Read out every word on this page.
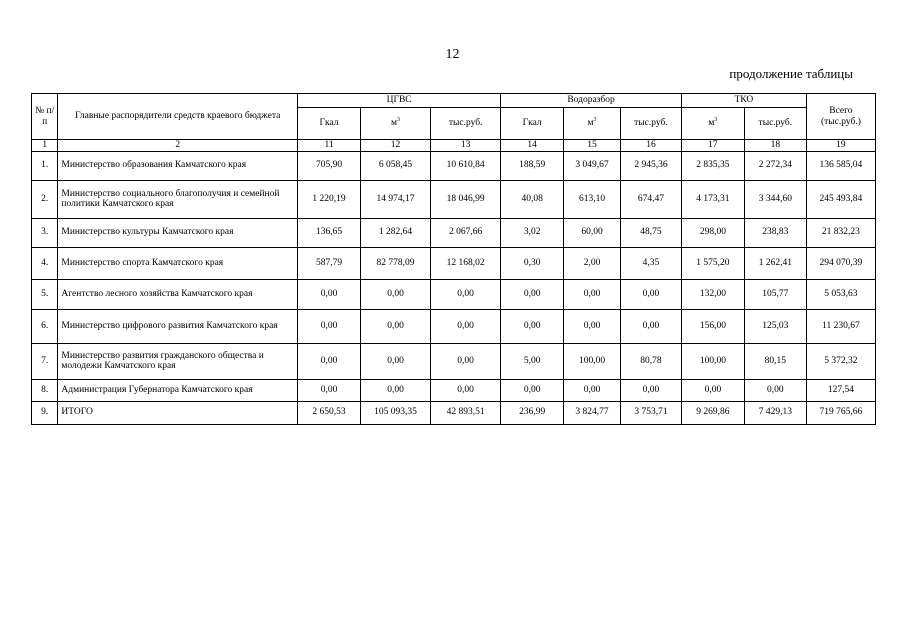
12
продолжение таблицы
№ п/п	Главные распорядители средств краевого бюджета	ЦГВС			Водоразбор			ТКО		Всего (тыс.руб.)
		Гкал	$м^3$	тыс.руб.	Гкал	$м^3$	тыс.руб.	$м^3$	тыс.руб.	
1	2	11	12	13	14	15	16	17	18	19
1.	Министерство образования Камчатского края	705,90	6 058,45	10 610,84	188,59	3 049,67	2 945,36	2 835,35	2 272,34	136 585,04
2.	Министерство социального благополучия и семейной политики Камчатского края	1 220,19	14 974,17	18 046,99	40,08	613,10	674,47	4 173,31	3 344,60	245 493,84
3.	Министерство культуры Камчатского края	136,65	1 282,64	2 067,66	3,02	60,00	48,75	298,00	238,83	21 832,23
4.	Министерство спорта Камчатского края	587,79	82 778,09	12 168,02	0,30	2,00	4,35	1 575,20	1 262,41	294 070,39
5.	Агентство лесного хозяйства Камчатского края	0,00	0,00	0,00	0,00	0,00	0,00	132,00	105,77	5 053,63
6.	Министерство цифрового развития Камчатского края	0,00	0,00	0,00	0,00	0,00	0,00	156,00	125,03	11 230,67
7.	Министерство развития гражданского общества и молодежи Камчатского края	0,00	0,00	0,00	5,00	100,00	80,78	100,00	80,15	5 372,32
8.	Администрация Губернатора Камчатского края	0,00	0,00	0,00	0,00	0,00	0,00	0,00	0,00	127,54
9.	ИТОГО	2 650,53	105 093,35	42 893,51	236,99	3 824,77	3 753,71	9 269,86	7 429,13	719 765,66
